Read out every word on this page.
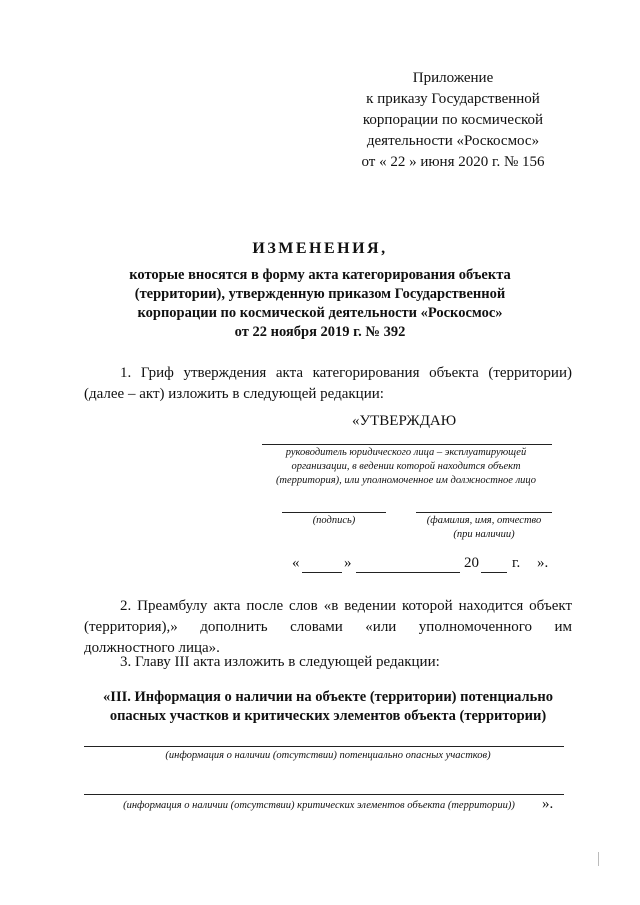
Приложение
к приказу Государственной
корпорации по космической
деятельности «Роскосмос»
от « 22 » июня 2020 г. № 156
ИЗМЕНЕНИЯ,
которые вносятся в форму акта категорирования объекта
(территории), утвержденную приказом Государственной
корпорации по космической деятельности «Роскосмос»
от 22 ноября 2019 г. № 392
1. Гриф утверждения акта категорирования объекта (территории) (далее – акт) изложить в следующей редакции:
«УТВЕРЖДАЮ
руководитель юридического лица – эксплуатирующей
организации, в ведении которой находится объект
(территория), или уполномоченное им должностное лицо
(подпись)	(фамилия, имя, отчество
(при наличии)
«	»	20 г. ».
2. Преамбулу акта после слов «в ведении которой находится объект (территория),» дополнить словами «или уполномоченного им должностного лица».
3. Главу III акта изложить в следующей редакции:
«III. Информация о наличии на объекте (территории) потенциально
опасных участков и критических элементов объекта (территории)
(информация о наличии (отсутствии) потенциально опасных участков)
(информация о наличии (отсутствии) критических элементов объекта (территории))	».
